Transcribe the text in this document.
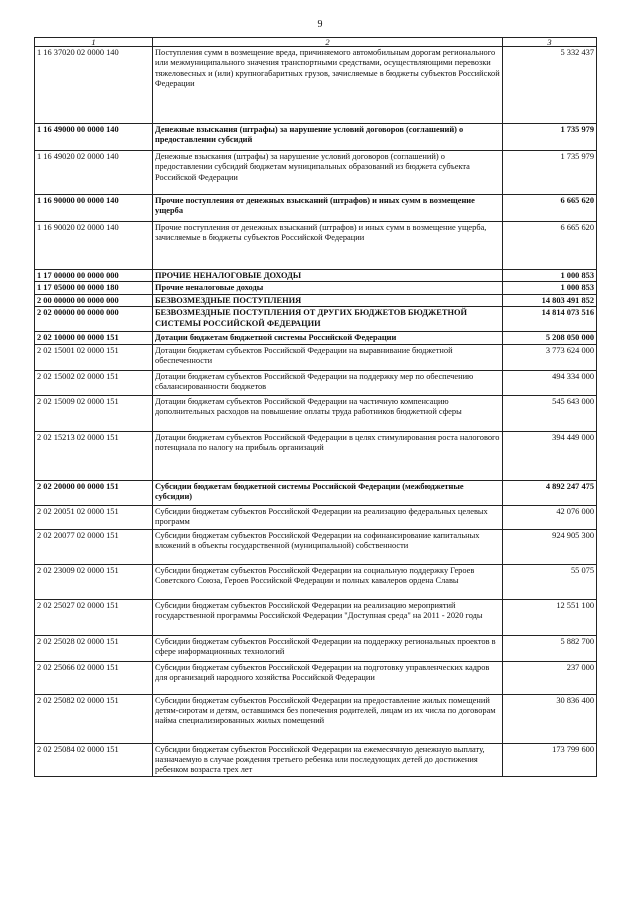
9
1	2	3
1 16 37020 02 0000 140	Поступления сумм в возмещение вреда, причиняемого автомобильным дорогам регионального или межмуниципального значения транспортными средствами, осуществляющими перевозки тяжеловесных и (или) крупногабаритных грузов, зачисляемые в бюджеты субъектов Российской Федерации	5 332 437
1 16 49000 00 0000 140	Денежные взыскания (штрафы) за нарушение условий договоров (соглашений) о предоставлении субсидий	1 735 979
1 16 49020 02 0000 140	Денежные взыскания (штрафы) за нарушение условий договоров (соглашений) о предоставлении субсидий бюджетам муниципальных образований из бюджета субъекта Российской Федерации	1 735 979
1 16 90000 00 0000 140	Прочие поступления от денежных взысканий (штрафов) и иных сумм в возмещение ущерба	6 665 620
1 16 90020 02 0000 140	Прочие поступления от денежных взысканий (штрафов) и иных сумм в возмещение ущерба, зачисляемые в бюджеты субъектов Российской Федерации	6 665 620
1 17 00000 00 0000 000	ПРОЧИЕ НЕНАЛОГОВЫЕ ДОХОДЫ	1 000 853
1 17 05000 00 0000 180	Прочие неналоговые доходы	1 000 853
2 00 00000 00 0000 000	БЕЗВОЗМЕЗДНЫЕ ПОСТУПЛЕНИЯ	14 803 491 852
2 02 00000 00 0000 000	БЕЗВОЗМЕЗДНЫЕ ПОСТУПЛЕНИЯ ОТ ДРУГИХ БЮДЖЕТОВ БЮДЖЕТНОЙ СИСТЕМЫ РОССИЙСКОЙ ФЕДЕРАЦИИ	14 814 073 516
2 02 10000 00 0000 151	Дотации бюджетам бюджетной системы Российской Федерации	5 208 050 000
2 02 15001 02 0000 151	Дотации бюджетам субъектов Российской Федерации на выравнивание бюджетной обеспеченности	3 773 624 000
2 02 15002 02 0000 151	Дотации бюджетам субъектов Российской Федерации на поддержку мер по обеспечению сбалансированности бюджетов	494 334 000
2 02 15009 02 0000 151	Дотации бюджетам субъектов Российской Федерации на частичную компенсацию дополнительных расходов на повышение оплаты труда работников бюджетной сферы	545 643 000
2 02 15213 02 0000 151	Дотации бюджетам субъектов Российской Федерации в целях стимулирования роста налогового потенциала по налогу на прибыль организаций	394 449 000
2 02 20000 00 0000 151	Субсидии бюджетам бюджетной системы Российской Федерации (межбюджетные субсидии)	4 892 247 475
2 02 20051 02 0000 151	Субсидии бюджетам субъектов Российской Федерации на реализацию федеральных целевых программ	42 076 000
2 02 20077 02 0000 151	Субсидии бюджетам субъектов Российской Федерации на софинансирование капитальных вложений в объекты государственной (муниципальной) собственности	924 905 300
2 02 23009 02 0000 151	Субсидии бюджетам субъектов Российской Федерации на социальную поддержку Героев Советского Союза, Героев Российской Федерации и полных кавалеров ордена Славы	55 075
2 02 25027 02 0000 151	Субсидии бюджетам субъектов Российской Федерации на реализацию мероприятий государственной программы Российской Федерации "Доступная среда" на 2011 - 2020 годы	12 551 100
2 02 25028 02 0000 151	Субсидии бюджетам субъектов Российской Федерации на поддержку региональных проектов в сфере информационных технологий	5 882 700
2 02 25066 02 0000 151	Субсидии бюджетам субъектов Российской Федерации на подготовку управленческих кадров для организаций народного хозяйства Российской Федерации	237 000
2 02 25082 02 0000 151	Субсидии бюджетам субъектов Российской Федерации на предоставление жилых помещений детям-сиротам и детям, оставшимся без попечения родителей, лицам из их числа по договорам найма специализированных жилых помещений	30 836 400
2 02 25084 02 0000 151	Субсидии бюджетам субъектов Российской Федерации на ежемесячную денежную выплату, назначаемую в случае рождения третьего ребенка или последующих детей до достижения ребенком возраста трех лет	173 799 600
